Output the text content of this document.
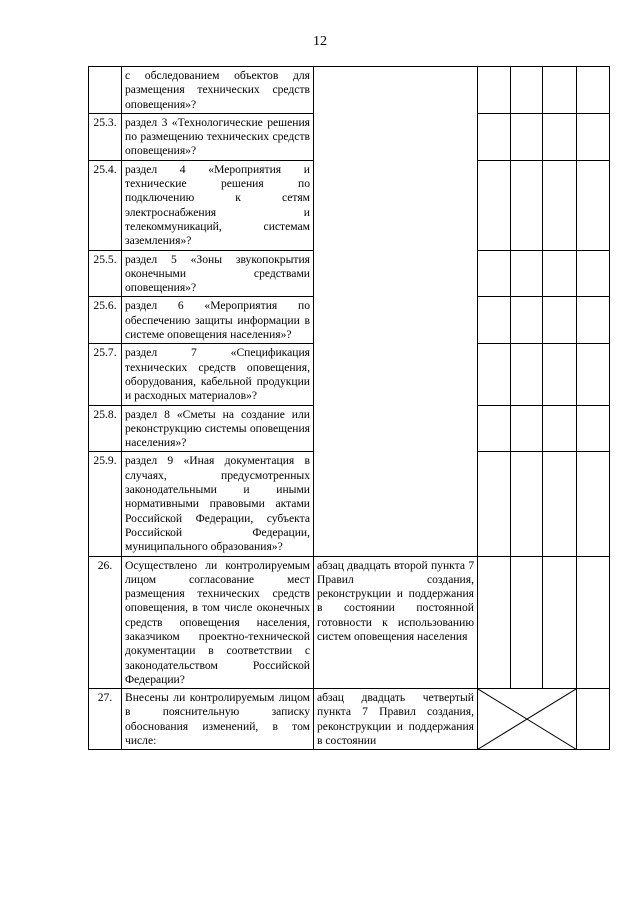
12
	с обследованием объектов для размещения технических средств оповещения»?					
25.3.	раздел 3 «Технологические решения по размещению технических средств оповещения»?					
25.4.	раздел 4 «Мероприятия и технические решения по подключению к сетям электроснабжения и телекоммуникаций, системам заземления»?					
25.5.	раздел 5 «Зоны звукопокрытия оконечными средствами оповещения»?					
25.6.	раздел 6 «Мероприятия по обеспечению защиты информации в системе оповещения населения»?					
25.7.	раздел 7 «Спецификация технических средств оповещения, оборудования, кабельной продукции и расходных материалов»?					
25.8.	раздел 8 «Сметы на создание или реконструкцию системы оповещения населения»?					
25.9.	раздел 9 «Иная документация в случаях, предусмотренных законодательными и иными нормативными правовыми актами Российской Федерации, субъекта Российской Федерации, муниципального образования»?					
26.	Осуществлено ли контролируемым лицом согласование мест размещения технических средств оповещения, в том числе оконечных средств оповещения населения, заказчиком проектно-технической документации в соответствии с законодательством Российской Федерации?	абзац двадцать второй пункта 7 Правил создания, реконструкции и поддержания в состоянии постоянной готовности к использованию систем оповещения населения				
27.	Внесены ли контролируемым лицом в пояснительную записку обоснования изменений, в том числе:	абзац двадцать четвертый пункта 7 Правил создания, реконструкции и поддержания в состоянии	
